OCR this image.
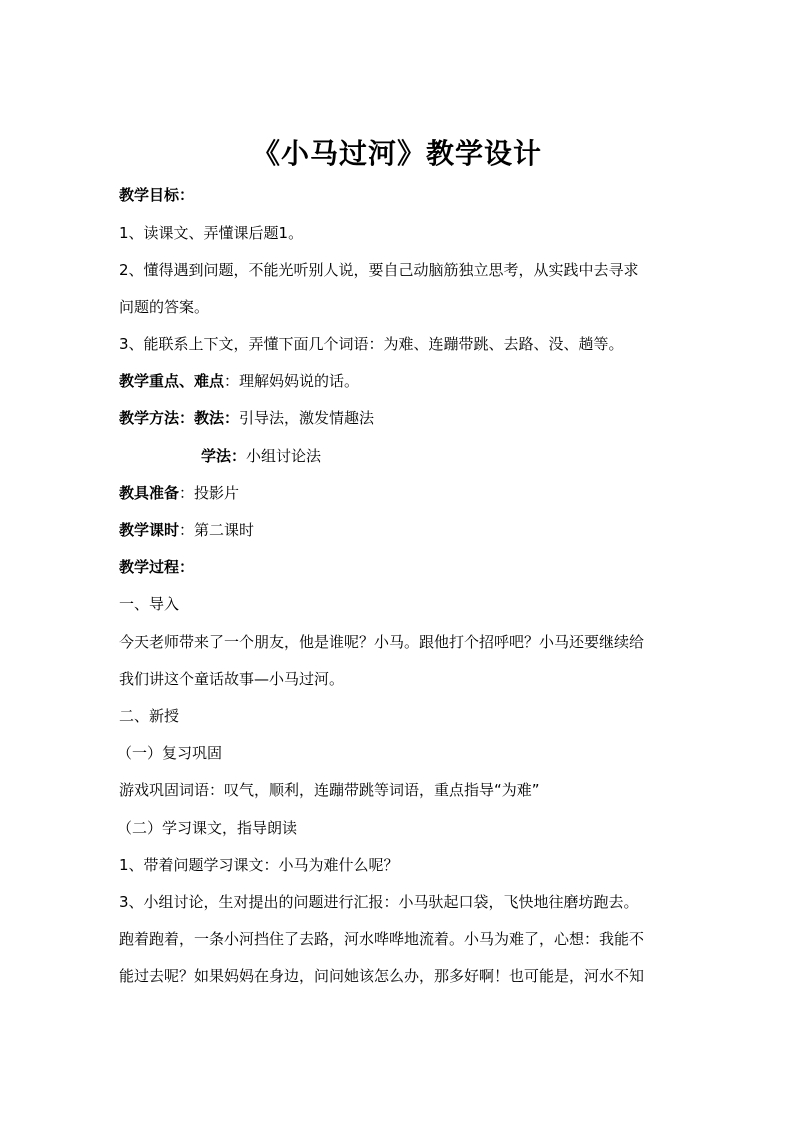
《小马过河》教学设计
教学目标：
1、读课文、弄懂课后题1。
2、懂得遇到问题，不能光听别人说，要自己动脑筋独立思考，从实践中去寻求
问题的答案。
3、能联系上下文，弄懂下面几个词语：为难、连蹦带跳、去路、没、趟等。
教学重点、难点：理解妈妈说的话。
教学方法：教法：引导法，激发情趣法
学法：小组讨论法
教具准备：投影片
教学课时：第二课时
教学过程：
一、导入
今天老师带来了一个朋友，他是谁呢？小马。跟他打个招呼吧？小马还要继续给
我们讲这个童话故事—小马过河。
二、新授
（一）复习巩固
游戏巩固词语：叹气，顺利，连蹦带跳等词语，重点指导“为难”
（二）学习课文，指导朗读
1、带着问题学习课文：小马为难什么呢？
3、小组讨论，生对提出的问题进行汇报：小马驮起口袋，飞快地往磨坊跑去。
跑着跑着，一条小河挡住了去路，河水哗哗地流着。小马为难了，心想：我能不
能过去呢？如果妈妈在身边，问问她该怎么办，那多好啊！也可能是，河水不知
